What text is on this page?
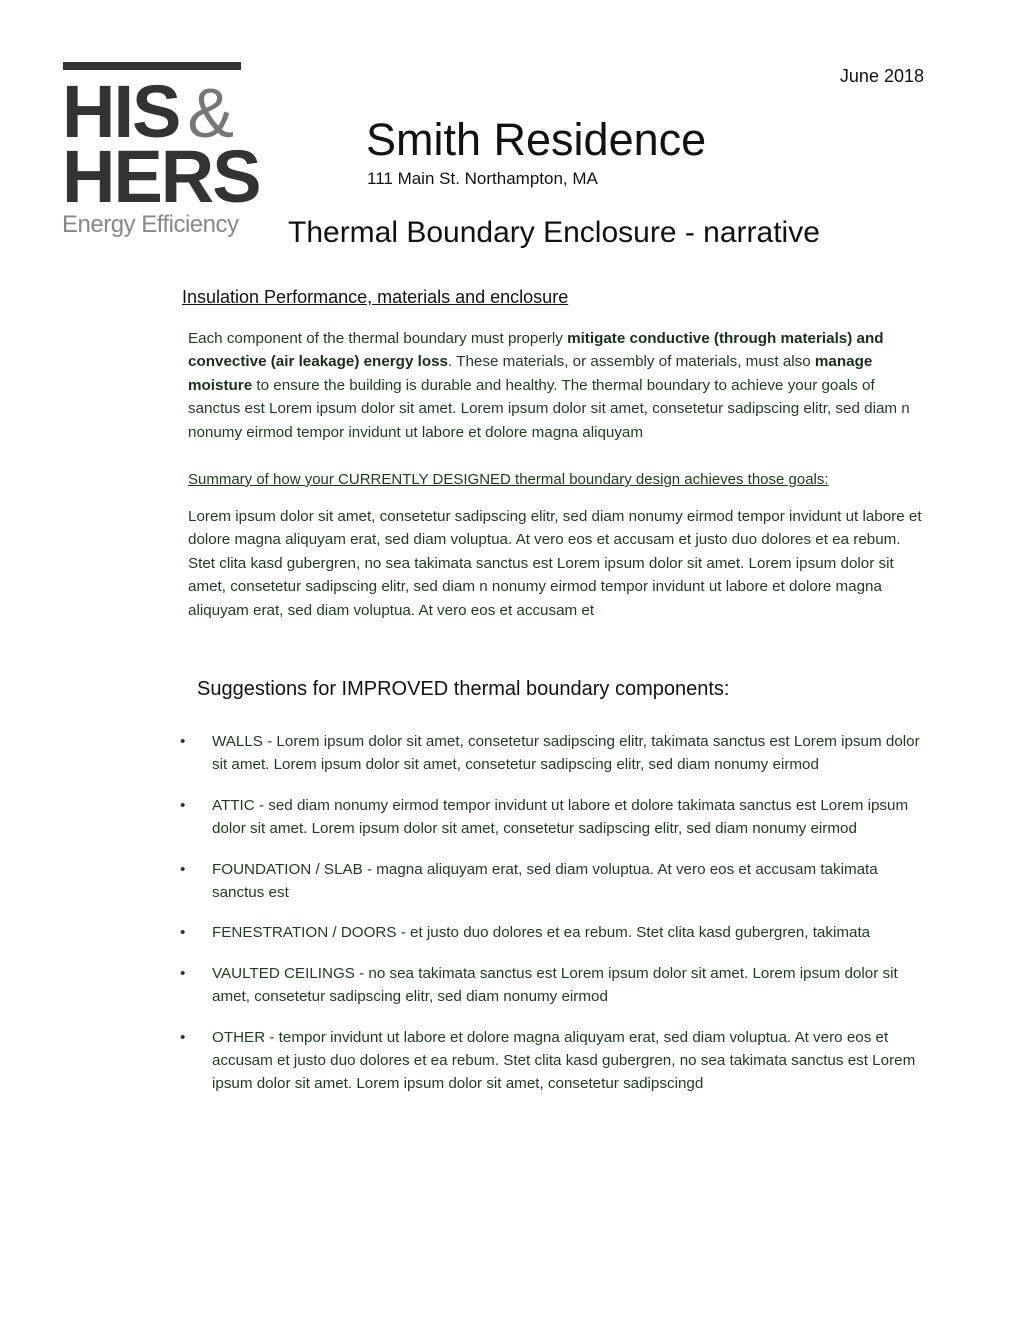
HIS &
HERS
Energy Efficiency
June 2018
Smith Residence
111 Main St. Northampton, MA
Thermal Boundary Enclosure - narrative
Insulation Performance, materials and enclosure

Each component of the thermal boundary must properly mitigate conductive (through materials) and convective (air leakage) energy loss. These materials, or assembly of materials, must also manage moisture to ensure the building is durable and healthy. The thermal boundary to achieve your goals of sanctus est Lorem ipsum dolor sit amet. Lorem ipsum dolor sit amet, consetetur sadipscing elitr, sed diam n nonumy eirmod tempor invidunt ut labore et dolore magna aliquyam

Summary of how your CURRENTLY DESIGNED thermal boundary design achieves those goals:

Lorem ipsum dolor sit amet, consetetur sadipscing elitr, sed diam nonumy eirmod tempor invidunt ut labore et dolore magna aliquyam erat, sed diam voluptua. At vero eos et accusam et justo duo dolores et ea rebum. Stet clita kasd gubergren, no sea takimata sanctus est Lorem ipsum dolor sit amet. Lorem ipsum dolor sit amet, consetetur sadipscing elitr, sed diam n nonumy eirmod tempor invidunt ut labore et dolore magna aliquyam erat, sed diam voluptua. At vero eos et accusam et

Suggestions for IMPROVED thermal boundary components:
• WALLS - Lorem ipsum dolor sit amet, consetetur sadipscing elitr, takimata sanctus est Lorem ipsum dolor sit amet. Lorem ipsum dolor sit amet, consetetur sadipscing elitr, sed diam nonumy eirmod
• ATTIC - sed diam nonumy eirmod tempor invidunt ut labore et dolore takimata sanctus est Lorem ipsum dolor sit amet. Lorem ipsum dolor sit amet, consetetur sadipscing elitr, sed diam nonumy eirmod
• FOUNDATION / SLAB - magna aliquyam erat, sed diam voluptua. At vero eos et accusam takimata sanctus est
• FENESTRATION / DOORS - et justo duo dolores et ea rebum. Stet clita kasd gubergren, takimata
• VAULTED CEILINGS - no sea takimata sanctus est Lorem ipsum dolor sit amet. Lorem ipsum dolor sit amet, consetetur sadipscing elitr, sed diam nonumy eirmod
• OTHER - tempor invidunt ut labore et dolore magna aliquyam erat, sed diam voluptua. At vero eos et accusam et justo duo dolores et ea rebum. Stet clita kasd gubergren, no sea takimata sanctus est Lorem ipsum dolor sit amet. Lorem ipsum dolor sit amet, consetetur sadipscingd
